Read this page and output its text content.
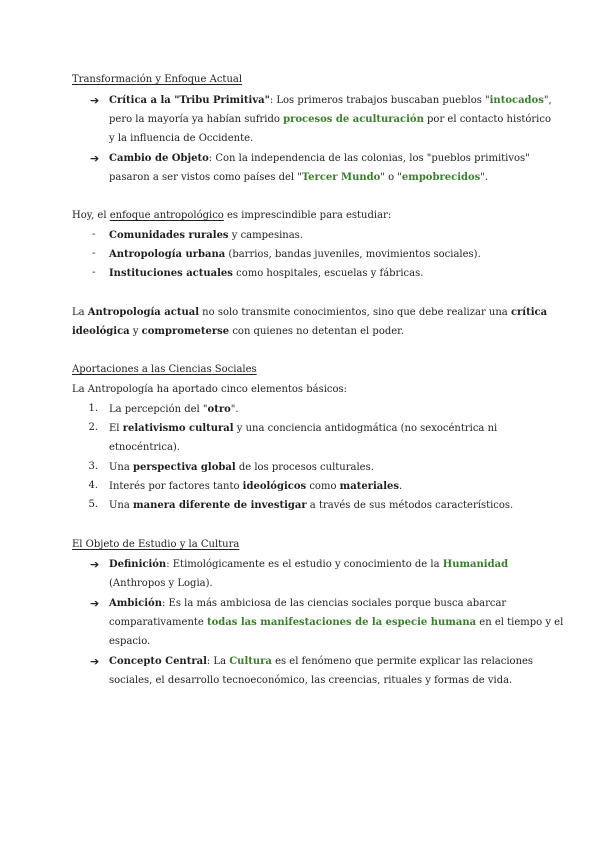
Transformación y Enfoque Actual
➔ Crítica a la "Tribu Primitiva": Los primeros trabajos buscaban pueblos "intocados",
pero la mayoría ya habían sufrido procesos de aculturación por el contacto histórico
y la influencia de Occidente.
➔ Cambio de Objeto: Con la independencia de las colonias, los "pueblos primitivos"
pasaron a ser vistos como países del "Tercer Mundo" o "empobrecidos".
Hoy, el enfoque antropológico es imprescindible para estudiar:
-	Comunidades rurales y campesinas.
-	Antropología urbana (barrios, bandas juveniles, movimientos sociales).
-	Instituciones actuales como hospitales, escuelas y fábricas.
La Antropología actual no solo transmite conocimientos, sino que debe realizar una crítica
ideológica y comprometerse con quienes no detentan el poder.
Aportaciones a las Ciencias Sociales
La Antropología ha aportado cinco elementos básicos:
1. La percepción del "otro".
2. El relativismo cultural y una conciencia antidogmática (no sexocéntrica ni
etnocéntrica).
3. Una perspectiva global de los procesos culturales.
4. Interés por factores tanto ideológicos como materiales.
5. Una manera diferente de investigar a través de sus métodos característicos.
El Objeto de Estudio y la Cultura
➔ Definición: Etimológicamente es el estudio y conocimiento de la Humanidad
(Anthropos y Logia).
➔ Ambición: Es la más ambiciosa de las ciencias sociales porque busca abarcar
comparativamente todas las manifestaciones de la especie humana en el tiempo y el
espacio.
➔ Concepto Central: La Cultura es el fenómeno que permite explicar las relaciones
sociales, el desarrollo tecnoeconómico, las creencias, rituales y formas de vida.
